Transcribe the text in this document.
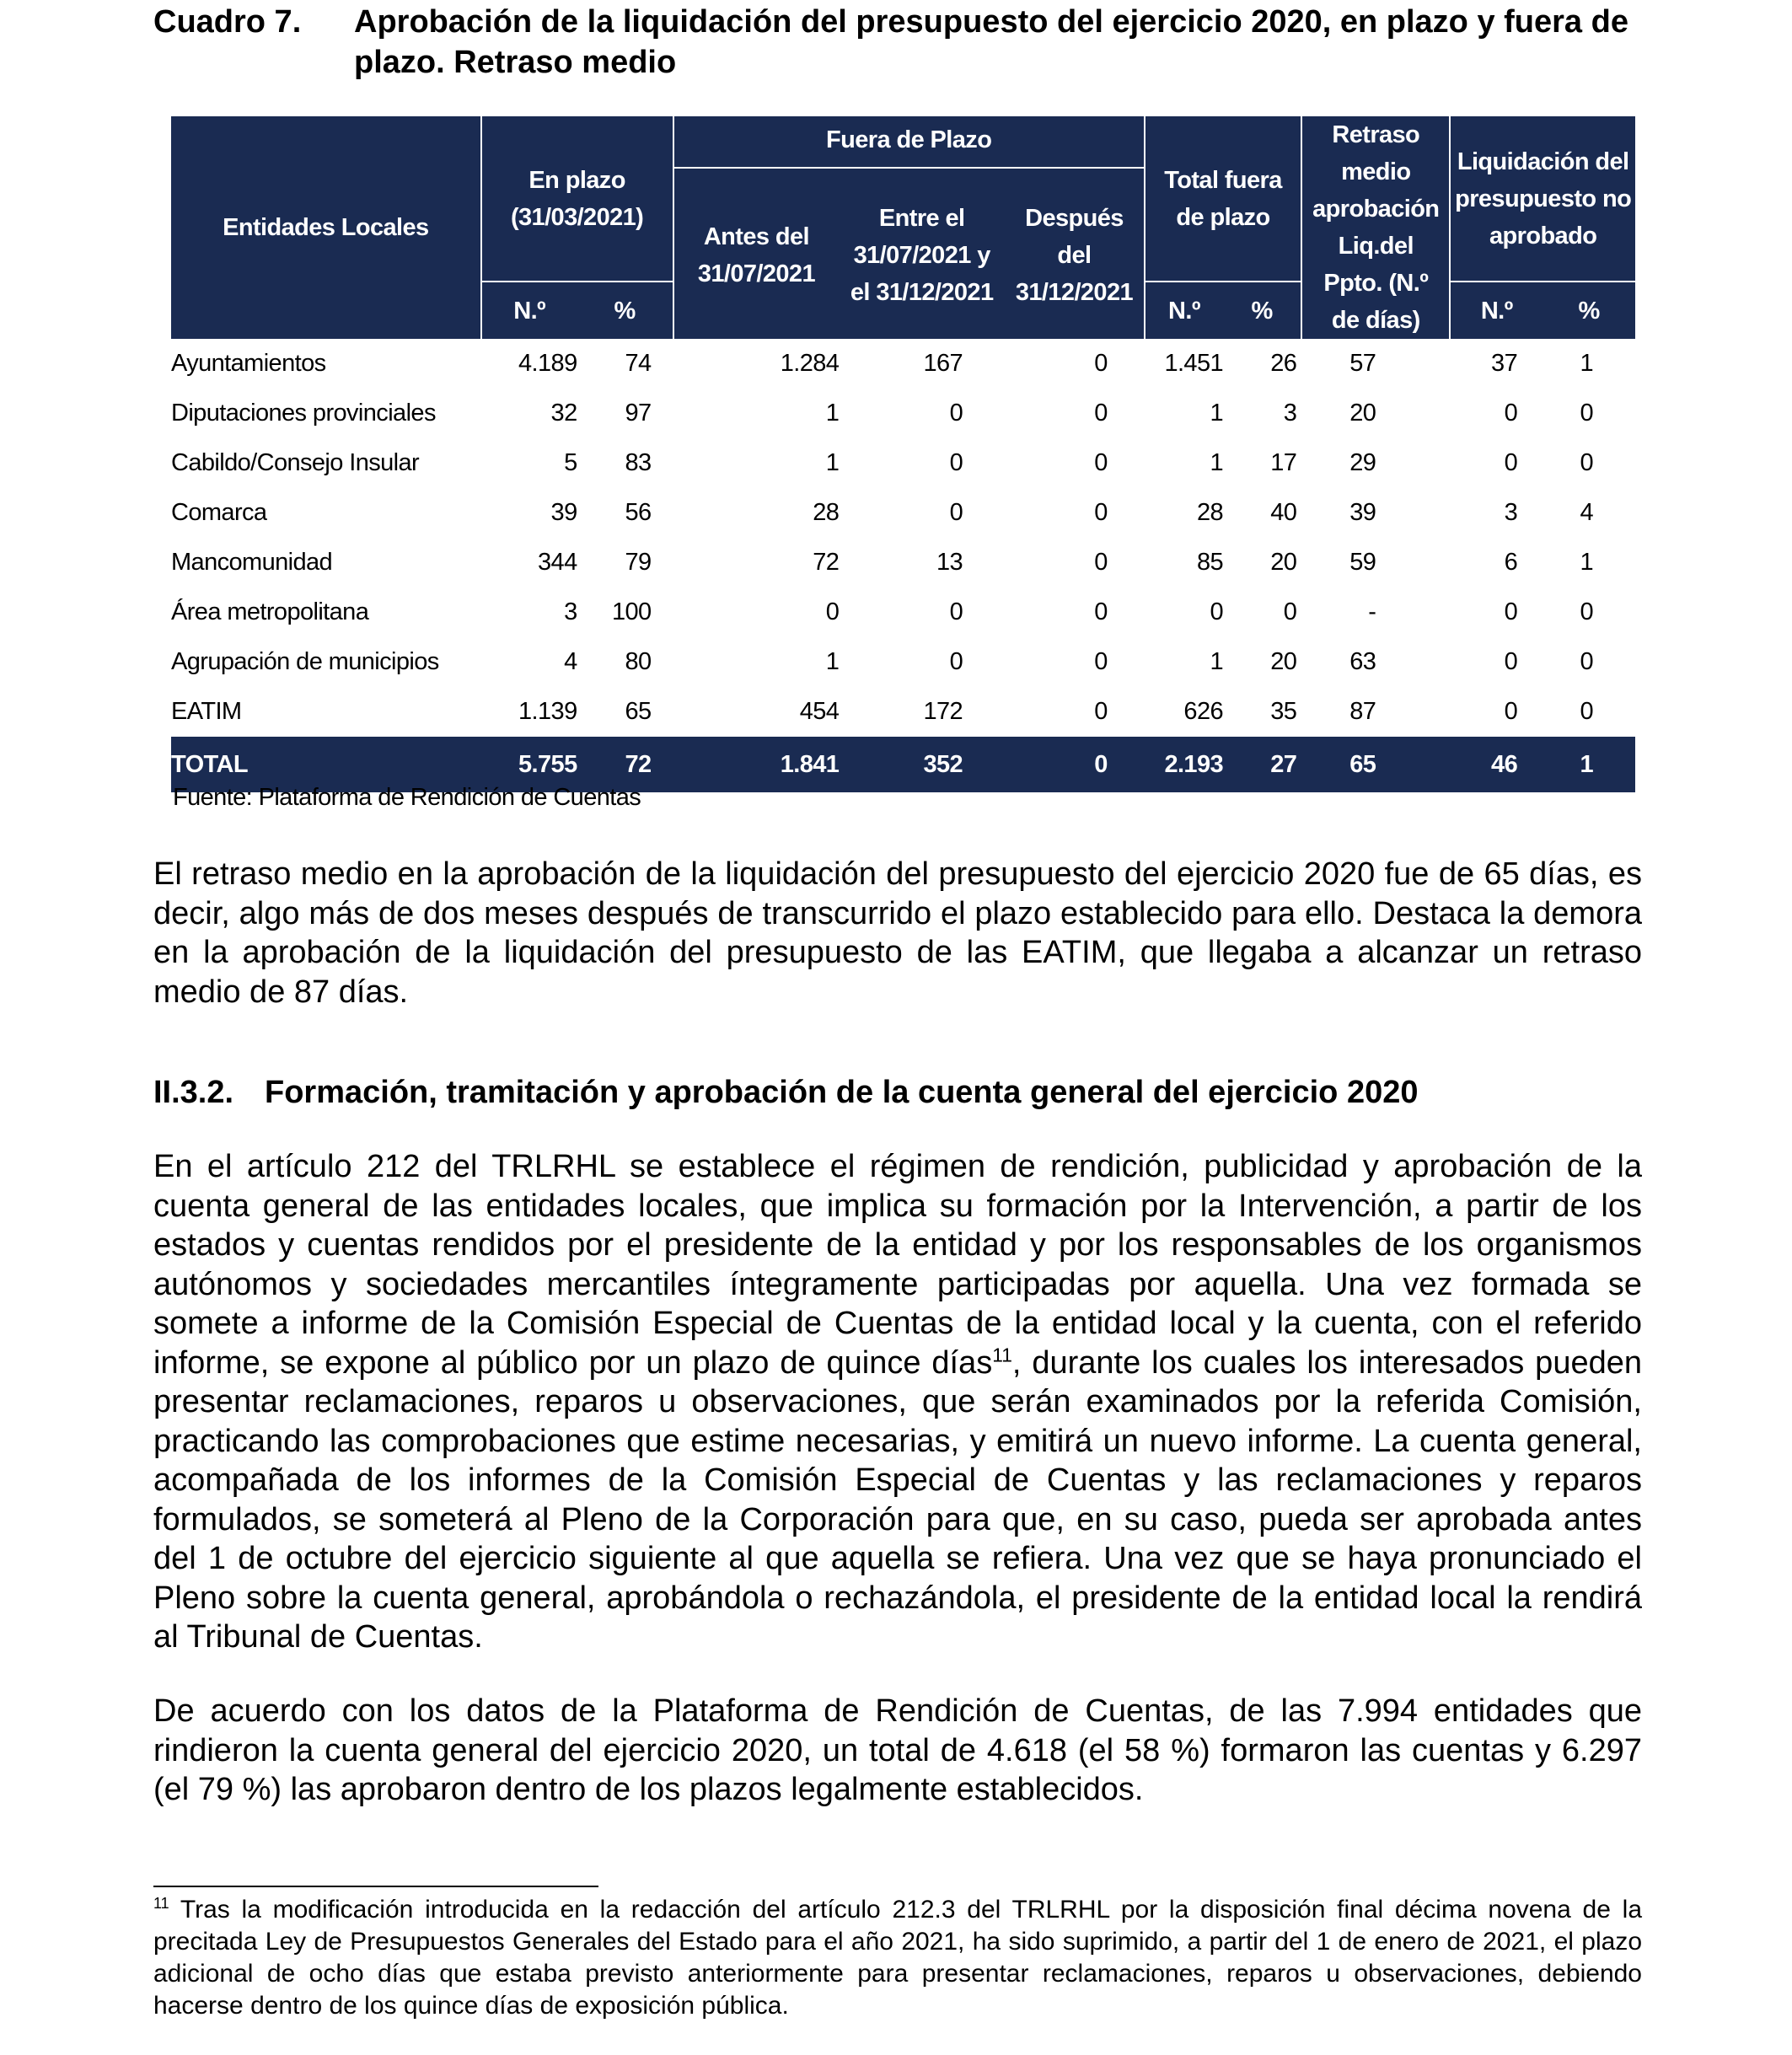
Cuadro 7. Aprobación de la liquidación del presupuesto del ejercicio 2020, en plazo y fuera de plazo. Retraso medio
Entidades Locales	En plazo (31/03/2021)		Fuera de Plazo			Total fuera de plazo		Retraso medio aprobación Liq.del Ppto. (N.º de días)	Liquidación del presupuesto no aprobado	
			Antes del 31/07/2021	Entre el 31/07/2021 y el 31/12/2021	Después del 31/12/2021					
	N.º	%				N.º	%		N.º	%
Ayuntamientos	4.189	74	1.284	167	0	1.451	26	57	37	1
Diputaciones provinciales	32	97	1	0	0	1	3	20	0	0
Cabildo/Consejo Insular	5	83	1	0	0	1	17	29	0	0
Comarca	39	56	28	0	0	28	40	39	3	4
Mancomunidad	344	79	72	13	0	85	20	59	6	1
Área metropolitana	3	100	0	0	0	0	0	-	0	0
Agrupación de municipios	4	80	1	0	0	1	20	63	0	0
EATIM	1.139	65	454	172	0	626	35	87	0	0
TOTAL	5.755	72	1.841	352	0	2.193	27	65	46	1
Fuente: Plataforma de Rendición de Cuentas

El retraso medio en la aprobación de la liquidación del presupuesto del ejercicio 2020 fue de 65 días, es decir, algo más de dos meses después de transcurrido el plazo establecido para ello. Destaca la demora en la aprobación de la liquidación del presupuesto de las EATIM, que llegaba a alcanzar un retraso medio de 87 días.

II.3.2. Formación, tramitación y aprobación de la cuenta general del ejercicio 2020

En el artículo 212 del TRLRHL se establece el régimen de rendición, publicidad y aprobación de la cuenta general de las entidades locales, que implica su formación por la Intervención, a partir de los estados y cuentas rendidos por el presidente de la entidad y por los responsables de los organismos autónomos y sociedades mercantiles íntegramente participadas por aquella. Una vez formada se somete a informe de la Comisión Especial de Cuentas de la entidad local y la cuenta, con el referido informe, se expone al público por un plazo de quince días$^{11}$, durante los cuales los interesados pueden presentar reclamaciones, reparos u observaciones, que serán examinados por la referida Comisión, practicando las comprobaciones que estime necesarias, y emitirá un nuevo informe. La cuenta general, acompañada de los informes de la Comisión Especial de Cuentas y las reclamaciones y reparos formulados, se someterá al Pleno de la Corporación para que, en su caso, pueda ser aprobada antes del 1 de octubre del ejercicio siguiente al que aquella se refiera. Una vez que se haya pronunciado el Pleno sobre la cuenta general, aprobándola o rechazándola, el presidente de la entidad local la rendirá al Tribunal de Cuentas.

De acuerdo con los datos de la Plataforma de Rendición de Cuentas, de las 7.994 entidades que rindieron la cuenta general del ejercicio 2020, un total de 4.618 (el 58 %) formaron las cuentas y 6.297 (el 79 %) las aprobaron dentro de los plazos legalmente establecidos.

$^{11}$ Tras la modificación introducida en la redacción del artículo 212.3 del TRLRHL por la disposición final décima novena de la precitada Ley de Presupuestos Generales del Estado para el año 2021, ha sido suprimido, a partir del 1 de enero de 2021, el plazo adicional de ocho días que estaba previsto anteriormente para presentar reclamaciones, reparos u observaciones, debiendo hacerse dentro de los quince días de exposición pública.
